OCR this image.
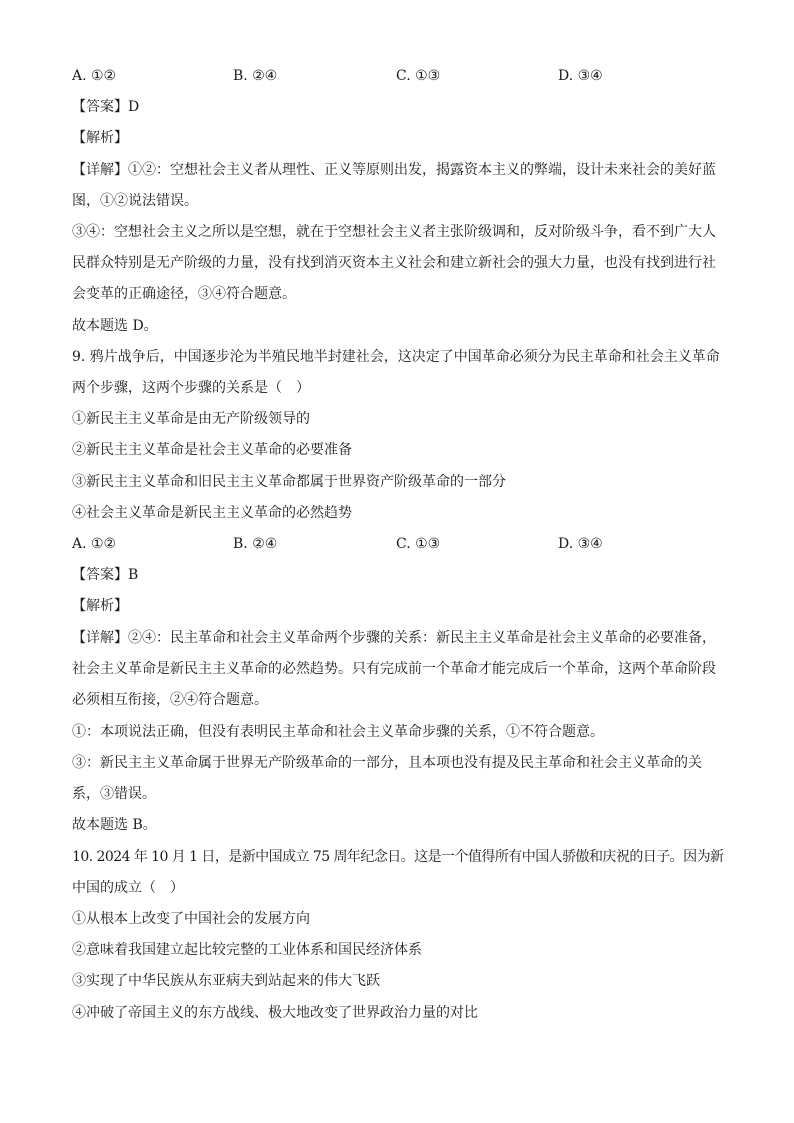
A. ①②	B. ②④	C. ①③	D. ③④
【答案】D
【解析】
【详解】①②：空想社会主义者从理性、正义等原则出发，揭露资本主义的弊端，设计未来社会的美好蓝
图，①②说法错误。
③④：空想社会主义之所以是空想，就在于空想社会主义者主张阶级调和，反对阶级斗争，看不到广大人
民群众特别是无产阶级的力量，没有找到消灭资本主义社会和建立新社会的强大力量，也没有找到进行社
会变革的正确途径，③④符合题意。
故本题选 D。
9. 鸦片战争后，中国逐步沦为半殖民地半封建社会，这决定了中国革命必须分为民主革命和社会主义革命
两个步骤，这两个步骤的关系是（　）
①新民主主义革命是由无产阶级领导的
②新民主主义革命是社会主义革命的必要准备
③新民主主义革命和旧民主主义革命都属于世界资产阶级革命的一部分
④社会主义革命是新民主主义革命的必然趋势
A. ①②	B. ②④	C. ①③	D. ③④
【答案】B
【解析】
【详解】②④：民主革命和社会主义革命两个步骤的关系：新民主主义革命是社会主义革命的必要准备，
社会主义革命是新民主主义革命的必然趋势。只有完成前一个革命才能完成后一个革命，这两个革命阶段
必须相互衔接，②④符合题意。
①：本项说法正确，但没有表明民主革命和社会主义革命步骤的关系，①不符合题意。
③：新民主主义革命属于世界无产阶级革命的一部分，且本项也没有提及民主革命和社会主义革命的关
系，③错误。
故本题选 B。
10. 2024 年 10 月 1 日，是新中国成立 75 周年纪念日。这是一个值得所有中国人骄傲和庆祝的日子。因为新
中国的成立（　）
①从根本上改变了中国社会的发展方向
②意味着我国建立起比较完整的工业体系和国民经济体系
③实现了中华民族从东亚病夫到站起来的伟大飞跃
④冲破了帝国主义的东方战线、极大地改变了世界政治力量的对比
